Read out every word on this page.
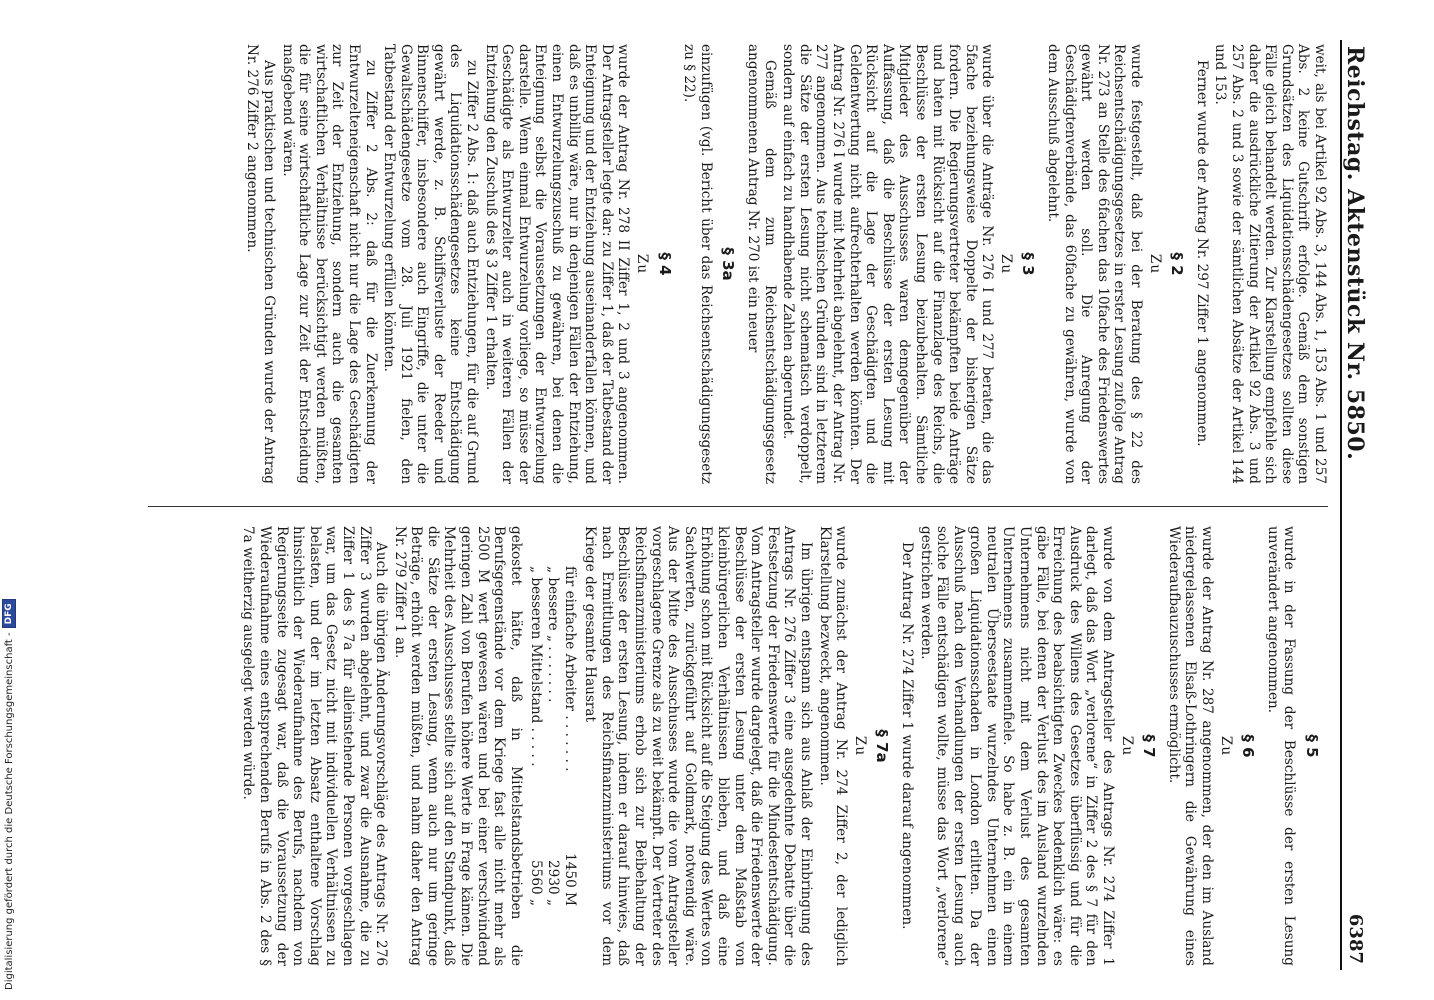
Digitalisierung gefördert durch die Deutsche Forschungsgemeinschaft -
DFG
Reichstag. Aktenstück Nr. 5850.
6387

weit, als bei Artikel 92 Abs. 3, 144 Abs. 1, 153 Abs. 1 und 257 Abs. 2 keine Gutschrift erfolge. Gemäß dem sonstigen Grundsätzen des Liquidationsschädengesetzes sollten diese Fälle gleich behandelt werden. Zur Klarstellung empfehle sich daher die ausdrückliche Zitierung der Artikel 92 Abs. 3 und 257 Abs. 2 und 3 sowie der sämtlichen Absätze der Artikel 144 und 153.

Ferner wurde der Antrag Nr. 297 Ziffer 1 angenommen.

§ 2
Zu

wurde festgestellt, daß bei der Beratung des § 22 des Reichsentschädigungsgesetzes in erster Lesung zufolge Antrag Nr. 273 an Stelle des 6fachen das 10fache des Friedenswertes gewährt werden soll. Die Anregung der Geschädigtenverbände, das 60fache zu gewähren, wurde von dem Ausschuß abgelehnt.

§ 3
Zu

wurde über die Anträge Nr. 276 I und 277 beraten, die das 5fache beziehungsweise Doppelte der bisherigen Sätze fordern. Die Regierungsvertreter bekämpften beide Anträge und baten mit Rücksicht auf die Finanzlage des Reichs, die Beschlüsse der ersten Lesung beizubehalten. Sämtliche Mitglieder des Ausschusses waren demgegenüber der Auffassung, daß die Beschlüsse der ersten Lesung mit Rücksicht auf die Lage der Geschädigten und die Geldentwertung nicht aufrechterhalten werden könnten. Der Antrag Nr. 276 I wurde mit Mehrheit abgelehnt, der Antrag Nr. 277 angenommen. Aus technischen Gründen sind in letzterem die Sätze der ersten Lesung nicht schematisch verdoppelt, sondern auf einfach zu handhabende Zahlen abgerundet.

Gemäß dem zum Reichsentschädigungsgesetz angenommenen Antrag Nr. 270 ist ein neuer

§ 3a

einzufügen (vgl. Bericht über das Reichsentschädigungsgesetz zu § 22).

§ 4
Zu

wurde der Antrag Nr. 278 II Ziffer 1, 2 und 3 angenommen. Der Antragsteller legte dar: zu Ziffer 1, daß der Tatbestand der Enteignung und der Entziehung auseinanderfallen können, und daß es unbillig wäre, nur in denjenigen Fällen der Entziehung, einen Entwurzelungszuschuß zu gewähren, bei denen die Enteignung selbst die Voraussetzungen der Entwurzelung darstelle. Wenn einmal Entwurzelung vorliege, so müsse der Geschädigte als Entwurzelter auch in weiteren Fällen der Entziehung den Zuschuß des § 3 Ziffer 1 erhalten.

zu Ziffer 2 Abs. 1: daß auch Entziehungen, für die auf Grund des Liquidationsschädengesetzes keine Entschädigung gewährt werde, z. B. Schiffsverluste der Reeder und Binnenschiffer, insbesondere auch Eingriffe, die unter die Gewaltschädengesetze vom 28. Juli 1921 fielen, den Tatbestand der Entwurzelung erfüllen könnten.

zu Ziffer 2 Abs. 2: daß für die Zuerkennung der Entwurzelteneigenschaft nicht nur die Lage des Geschädigten zur Zeit der Entziehung, sondern auch die gesamten wirtschaftlichen Verhältnisse berücksichtigt werden müßten, die für seine wirtschaftliche Lage zur Zeit der Entscheidung maßgebend wären.

Aus praktischen und technischen Gründen wurde der Antrag Nr. 276 Ziffer 2 angenommen.

§ 5

wurde in der Fassung der Beschlüsse der ersten Lesung unverändert angenommen.

§ 6
Zu

wurde der Antrag Nr. 287 angenommen, der den im Ausland niedergelassenen Elsaß-Lothringern die Gewährung eines Wiederaufbauzuschusses ermöglicht.

§ 7
Zu

wurde von dem Antragsteller des Antrags Nr. 274 Ziffer 1 darlegt, daß das Wort „verlorene“ in Ziffer 2 des § 7 für den Ausdruck des Willens des Gesetzes überflüssig und für die Erreichung des beabsichtigten Zweckes bedenklich wäre: es gäbe Fälle, bei denen der Verlust des im Ausland wurzelnden Unternehmens nicht mit dem Verlust des gesamten Unternehmens zusammenfiele. So habe z. B. ein in einem neutralen Überseestaate wurzelndes Unternehmen einen großen Liquidationsschaden in London erlitten. Da der Ausschuß nach den Verhandlungen der ersten Lesung auch solche Fälle entschädigen wollte, müsse das Wort „verlorene“ gestrichen werden.

Der Antrag Nr. 274 Ziffer 1 wurde darauf angenommen.

§ 7a
Zu

wurde zunächst der Antrag Nr. 274 Ziffer 2, der lediglich Klarstellung bezweckt, angenommen.

Im übrigen entspann sich aus Anlaß der Einbringung des Antrags Nr. 276 Ziffer 3 eine ausgedehnte Debatte über die Festsetzung der Friedenswerte für die Mindestentschädigung. Vom Antragsteller wurde dargelegt, daß die Friedenswerte der Beschlüsse der ersten Lesung unter dem Maßstab von kleinbürgerlichen Verhältnissen blieben, und daß eine Erhöhung schon mit Rücksicht auf die Steigung des Wertes von Sachwerten, zurückgeführt auf Goldmark, notwendig wäre. Aus der Mitte des Ausschusses wurde die vom Antragsteller vorgeschlagene Grenze als zu weit bekämpft. Der Vertreter des Reichsfinanzministeriums erhob sich zur Beibehaltung der Beschlüsse der ersten Lesung, indem er darauf hinwies, daß nach Ermittlungen des Reichsfinanzministeriums vor dem Kriege der gesamte Hausrat

für einfache Arbeiter . . . . . . .
1450 M
„ bessere „ . . . . . . .
2930 „
„ besseren Mittelstand . . . . .
5560 „

gekostet hätte, daß in Mittelstandsbetrieben die Berufsgegenstände vor dem Kriege fast alle nicht mehr als 2500 M wert gewesen wären und bei einer verschwindend geringen Zahl von Berufen höhere Werte in Frage kämen. Die Mehrheit des Ausschusses stellte sich auf den Standpunkt, daß die Sätze der ersten Lesung, wenn auch nur um geringe Beträge, erhöht werden müßten, und nahm daher den Antrag Nr. 279 Ziffer 1 an.

Auch die übrigen Änderungsvorschläge des Antrags Nr. 276 Ziffer 3 wurden abgelehnt, und zwar die Ausnahme, die zu Ziffer 1 des § 7a für alleinstehende Personen vorgeschlagen war, um das Gesetz nicht mit individuellen Verhältnissen zu belasten, und der im letzten Absatz enthaltene Vorschlag hinsichtlich der Wiederaufnahme des Berufs, nachdem von Regierungsseite zugesagt war, daß die Voraussetzung der Wiederaufnahme eines entsprechenden Berufs in Abs. 2 des § 7a weitherzig ausgelegt werden würde.
